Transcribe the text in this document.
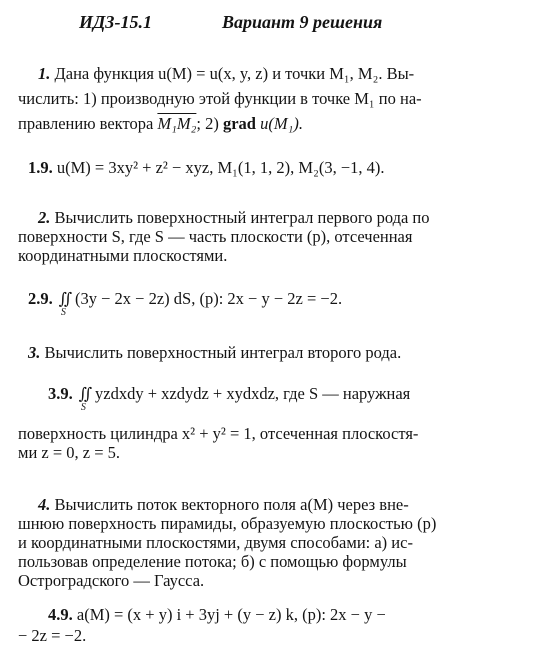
ИДЗ-15.1	Вариант 9 решения
1. Дана функция u(M) = u(x, y, z) и точки M₁, M₂. Вы-
числить: 1) производную этой функции в точке M₁ по на-
правлению вектора M₁M₂; 2) grad u(M₁).
1.9. u(M) = 3xy² + z² − xyz, M₁(1, 1, 2), M₂(3, −1, 4).
2. Вычислить поверхностный интеграл первого рода по
поверхности S, где S — часть плоскости (p), отсеченная
координатными плоскостями.
2.9. ∬
S
(3y − 2x − 2z) dS, (p): 2x − y − 2z = −2.
3. Вычислить поверхностный интеграл второго рода.
3.9. ∬
S
yzdxdy + xzdydz + xydxdz, где S — наружная
поверхность цилиндра x² + y² = 1, отсеченная плоскостя-
ми z = 0, z = 5.
4. Вычислить поток векторного поля a(M) через вне-
шнюю поверхность пирамиды, образуемую плоскостью (p)
и координатными плоскостями, двумя способами: а) ис-
пользовав определение потока; б) с помощью формулы
Остроградского — Гаусса.
4.9. a(M) = (x + y) i + 3yj + (y − z) k, (p): 2x − y −
− 2z = −2.
